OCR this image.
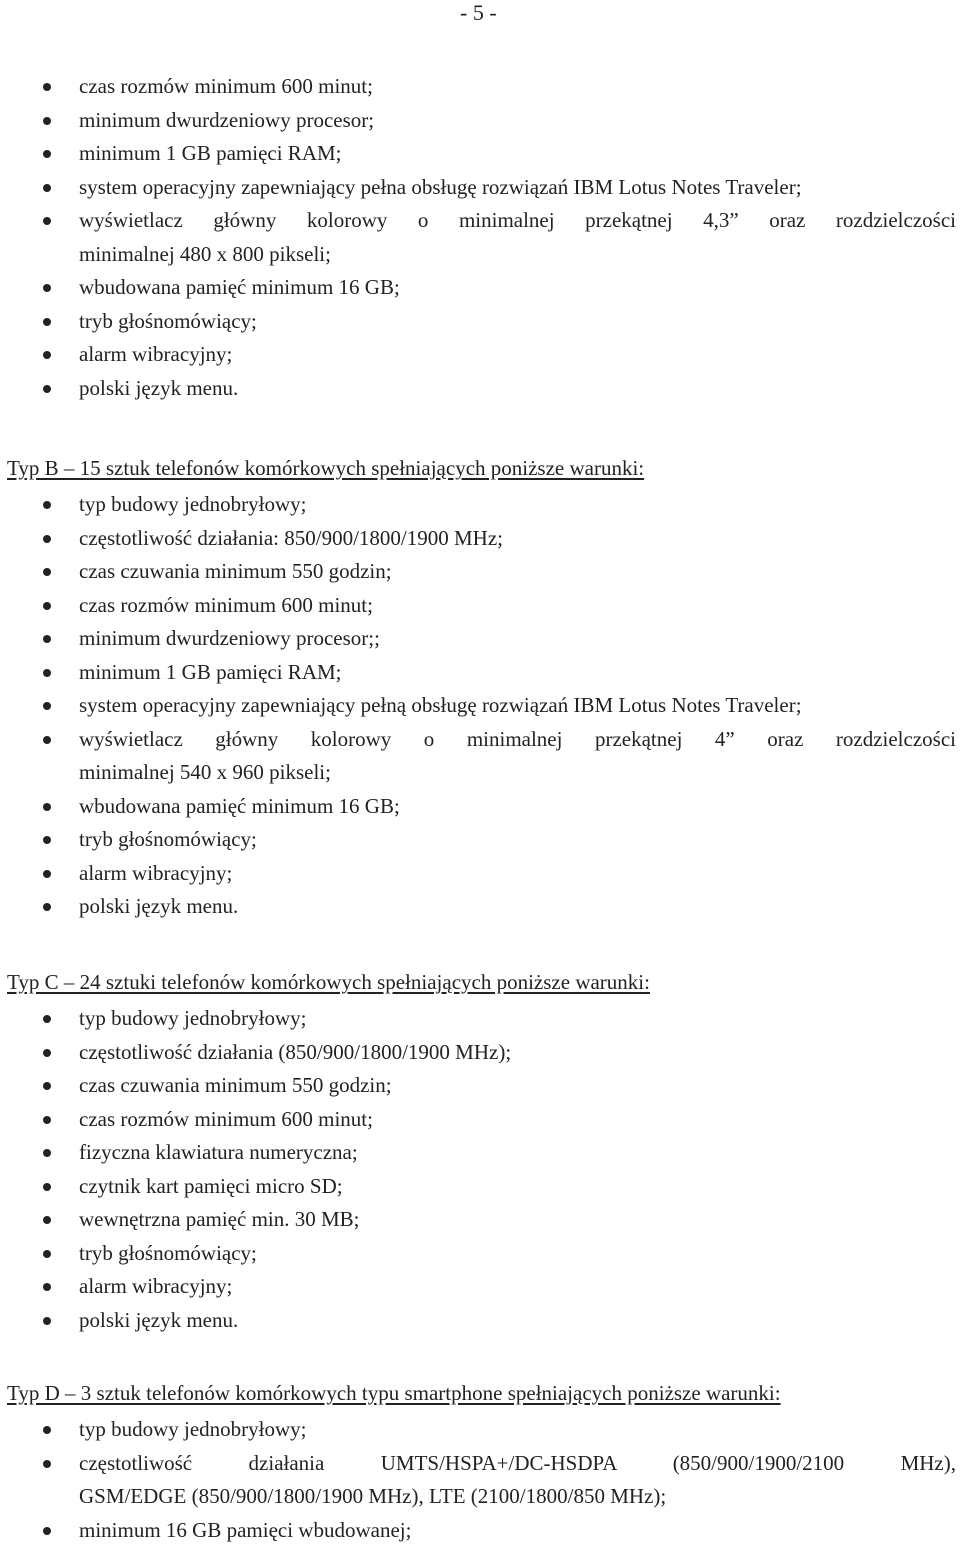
- 5 -
czas rozmów minimum 600 minut;
minimum dwurdzeniowy procesor;
minimum 1 GB pamięci RAM;
system operacyjny zapewniający pełna obsługę rozwiązań IBM Lotus Notes Traveler;
wyświetlacz główny kolorowy o minimalnej przekątnej 4,3” oraz rozdzielczości
minimalnej 480 x 800 pikseli;
wbudowana pamięć minimum 16 GB;
tryb głośnomówiący;
alarm wibracyjny;
polski język menu.
Typ B – 15 sztuk telefonów komórkowych spełniających poniższe warunki:
typ budowy jednobryłowy;
częstotliwość działania: 850/900/1800/1900 MHz;
czas czuwania minimum 550 godzin;
czas rozmów minimum 600 minut;
minimum dwurdzeniowy procesor;;
minimum 1 GB pamięci RAM;
system operacyjny zapewniający pełną obsługę rozwiązań IBM Lotus Notes Traveler;
wyświetlacz główny kolorowy o minimalnej przekątnej 4” oraz rozdzielczości
minimalnej 540 x 960 pikseli;
wbudowana pamięć minimum 16 GB;
tryb głośnomówiący;
alarm wibracyjny;
polski język menu.
Typ C – 24 sztuki telefonów komórkowych spełniających poniższe warunki:
typ budowy jednobryłowy;
częstotliwość działania (850/900/1800/1900 MHz);
czas czuwania minimum 550 godzin;
czas rozmów minimum 600 minut;
fizyczna klawiatura numeryczna;
czytnik kart pamięci micro SD;
wewnętrzna pamięć min. 30 MB;
tryb głośnomówiący;
alarm wibracyjny;
polski język menu.
Typ D – 3 sztuk telefonów komórkowych typu smartphone spełniających poniższe warunki:
typ budowy jednobryłowy;
częstotliwość działania UMTS/HSPA+/DC-HSDPA (850/900/1900/2100 MHz),
GSM/EDGE (850/900/1800/1900 MHz), LTE (2100/1800/850 MHz);
minimum 16 GB pamięci wbudowanej;
